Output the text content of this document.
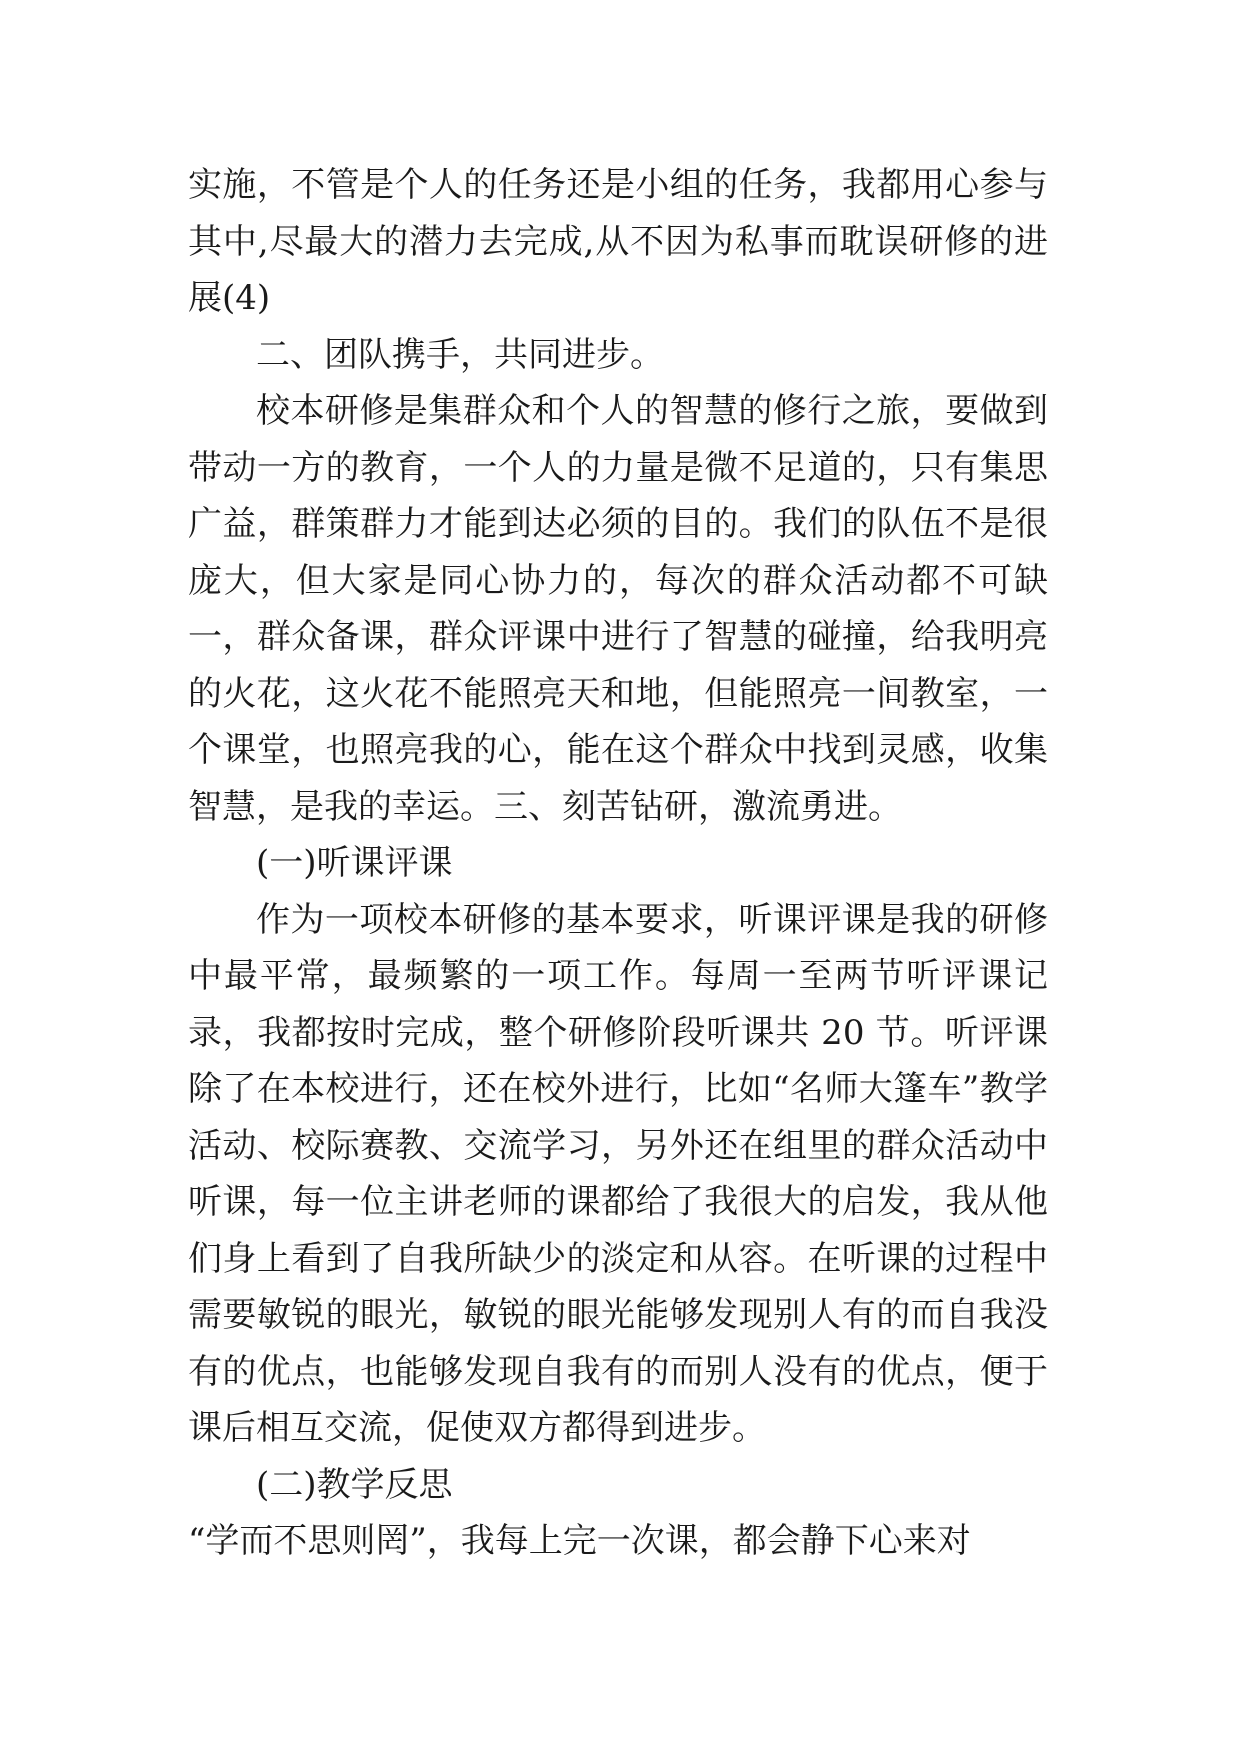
实施，不管是个人的任务还是小组的任务，我都用心参与其中,尽最大的潜力去完成,从不因为私事而耽误研修的进展(4)

二、团队携手，共同进步。

校本研修是集群众和个人的智慧的修行之旅，要做到带动一方的教育，一个人的力量是微不足道的，只有集思广益，群策群力才能到达必须的目的。我们的队伍不是很庞大，但大家是同心协力的，每次的群众活动都不可缺一，群众备课，群众评课中进行了智慧的碰撞，给我明亮的火花，这火花不能照亮天和地，但能照亮一间教室，一个课堂，也照亮我的心，能在这个群众中找到灵感，收集智慧，是我的幸运。三、刻苦钻研，激流勇进。

(一)听课评课

作为一项校本研修的基本要求，听课评课是我的研修中最平常，最频繁的一项工作。每周一至两节听评课记录，我都按时完成，整个研修阶段听课共 20 节。听评课除了在本校进行，还在校外进行，比如“名师大篷车”教学活动、校际赛教、交流学习，另外还在组里的群众活动中听课，每一位主讲老师的课都给了我很大的启发，我从他们身上看到了自我所缺少的淡定和从容。在听课的过程中需要敏锐的眼光，敏锐的眼光能够发现别人有的而自我没有的优点，也能够发现自我有的而别人没有的优点，便于课后相互交流，促使双方都得到进步。

(二)教学反思

“学而不思则罔”，我每上完一次课，都会静下心来对
